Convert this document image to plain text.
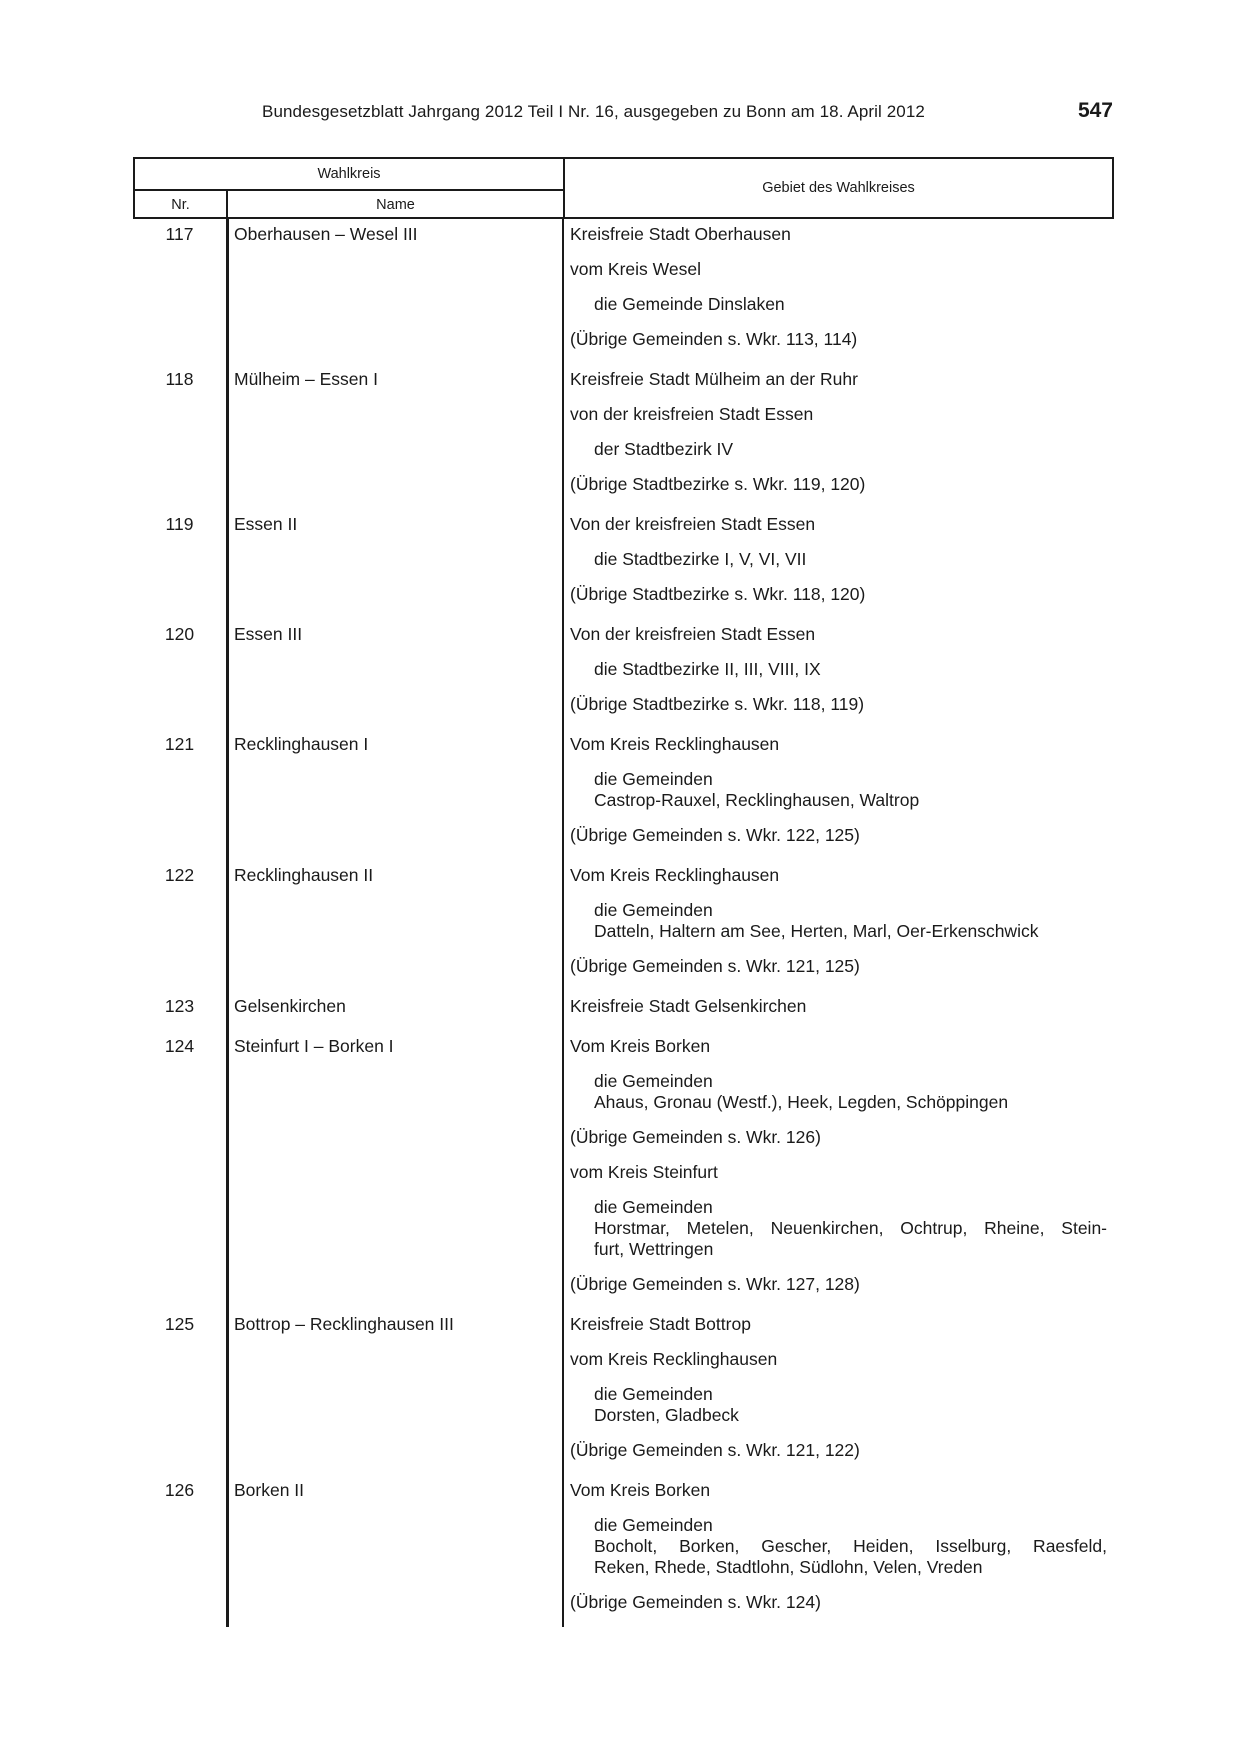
Bundesgesetzblatt Jahrgang 2012 Teil I Nr. 16, ausgegeben zu Bonn am 18. April 2012	547
Wahlkreis
Nr.	Name
Gebiet des Wahlkreises
117	Oberhausen – Wesel III	Kreisfreie Stadt Oberhausen
vom Kreis Wesel
die Gemeinde Dinslaken
(Übrige Gemeinden s. Wkr. 113, 114)
118	Mülheim – Essen I	Kreisfreie Stadt Mülheim an der Ruhr
von der kreisfreien Stadt Essen
der Stadtbezirk IV
(Übrige Stadtbezirke s. Wkr. 119, 120)
119	Essen II	Von der kreisfreien Stadt Essen
die Stadtbezirke I, V, VI, VII
(Übrige Stadtbezirke s. Wkr. 118, 120)
120	Essen III	Von der kreisfreien Stadt Essen
die Stadtbezirke II, III, VIII, IX
(Übrige Stadtbezirke s. Wkr. 118, 119)
121	Recklinghausen I	Vom Kreis Recklinghausen
die Gemeinden
Castrop-Rauxel, Recklinghausen, Waltrop
(Übrige Gemeinden s. Wkr. 122, 125)
122	Recklinghausen II	Vom Kreis Recklinghausen
die Gemeinden
Datteln, Haltern am See, Herten, Marl, Oer-Erkenschwick
(Übrige Gemeinden s. Wkr. 121, 125)
123	Gelsenkirchen	Kreisfreie Stadt Gelsenkirchen
124	Steinfurt I – Borken I	Vom Kreis Borken
die Gemeinden
Ahaus, Gronau (Westf.), Heek, Legden, Schöppingen
(Übrige Gemeinden s. Wkr. 126)
vom Kreis Steinfurt
die Gemeinden
Horstmar, Metelen, Neuenkirchen, Ochtrup, Rheine, Stein-
furt, Wettringen
(Übrige Gemeinden s. Wkr. 127, 128)
125	Bottrop – Recklinghausen III	Kreisfreie Stadt Bottrop
vom Kreis Recklinghausen
die Gemeinden
Dorsten, Gladbeck
(Übrige Gemeinden s. Wkr. 121, 122)
126	Borken II	Vom Kreis Borken
die Gemeinden
Bocholt, Borken, Gescher, Heiden, Isselburg, Raesfeld,
Reken, Rhede, Stadtlohn, Südlohn, Velen, Vreden
(Übrige Gemeinden s. Wkr. 124)
